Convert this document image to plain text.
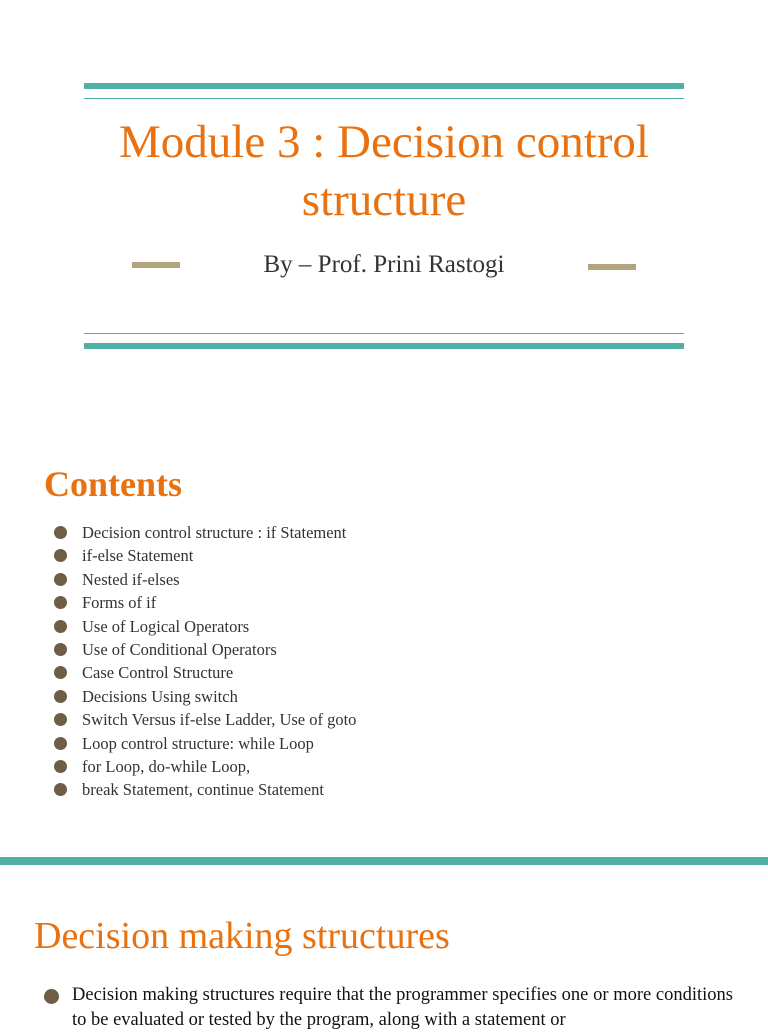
Module 3 : Decision control structure
By – Prof. Prini Rastogi
Contents
Decision control structure : if Statement
if-else Statement
Nested if-elses
Forms of if
Use of Logical Operators
Use of Conditional Operators
Case Control Structure
Decisions Using switch
Switch Versus if-else Ladder, Use of goto
Loop control structure: while Loop
for Loop, do-while Loop,
break Statement, continue Statement
Decision making structures

Decision making structures require that the programmer specifies one or more conditions to be evaluated or tested by the program, along with a statement or
